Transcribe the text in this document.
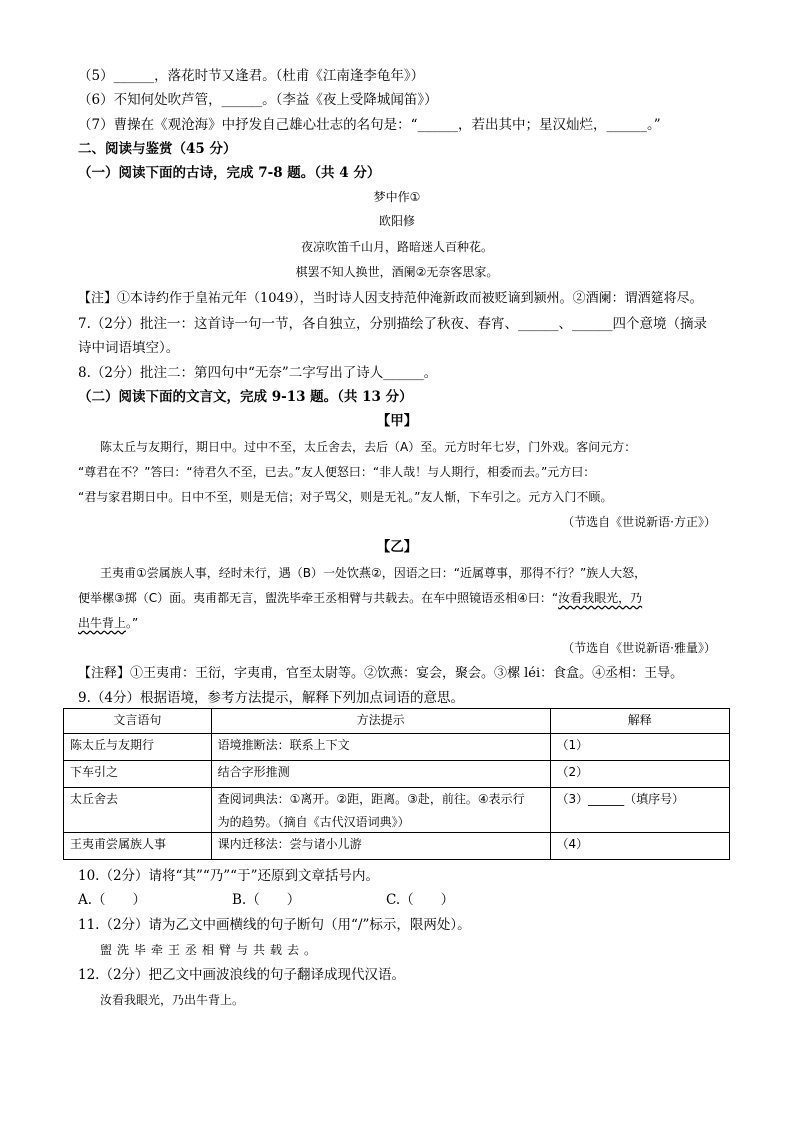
（5）______，落花时节又逢君。（杜甫《江南逢李龟年》）
（6）不知何处吹芦管，______。（李益《夜上受降城闻笛》）
（7）曹操在《观沧海》中抒发自己雄心壮志的名句是：“______，若出其中；星汉灿烂，______。”
二、阅读与鉴赏（45 分）
（一）阅读下面的古诗，完成 7-8 题。（共 4 分）
梦中作①
欧阳修
夜凉吹笛千山月，路暗迷人百种花。
棋罢不知人换世，酒阑②无奈客思家。
【注】①本诗约作于皇祐元年（1049），当时诗人因支持范仲淹新政而被贬谪到颍州。②酒阑：谓酒筵将尽。
7.（2分）批注一：这首诗一句一节，各自独立，分别描绘了秋夜、春宵、______、______四个意境（摘录
诗中词语填空）。
8.（2分）批注二：第四句中“无奈”二字写出了诗人______。
（二）阅读下面的文言文，完成 9-13 题。（共 13 分）
【甲】
陈太丘与友期行，期日中。过中不至，太丘舍去，去后（A）至。元方时年七岁，门外戏。客问元方：
“尊君在不？”答曰：“待君久不至，已去。”友人便怒曰：“非人哉！与人期行，相委而去。”元方曰：
“君与家君期日中。日中不至，则是无信；对子骂父，则是无礼。”友人惭，下车引之。元方入门不顾。
（节选自《世说新语·方正》）
【乙】
王夷甫①尝属族人事，经时未行，遇（B）一处饮燕②，因语之曰：“近属尊事，那得不行？”族人大怒，
便举樏③掷（C）面。夷甫都无言，盥洗毕牵王丞相臂与共载去。在车中照镜语丞相④曰：“汝看我眼光，乃
出牛背上。”
（节选自《世说新语·雅量》）
【注释】①王夷甫：王衍，字夷甫，官至太尉等。②饮燕：宴会，聚会。③樏 léi：食盒。④丞相：王导。
9.（4分）根据语境，参考方法提示，解释下列加点词语的意思。
文言语句	方法提示	解释
陈太丘与友期行	语境推断法：联系上下文	（1）
下车引之	结合字形推测	（2）
太丘舍去	查阅词典法：①离开。②距，距离。③赴，前往。④表示行
为的趋势。（摘自《古代汉语词典》）	（3）______（填序号）
王夷甫尝属族人事	课内迁移法：尝与诸小儿游	（4）
10.（2分）请将“其”“乃”“于”还原到文章括号内。
A.（　　）	B.（　　）	C.（　　）
11.（2分）请为乙文中画横线的句子断句（用“/”标示，限两处）。
盥洗毕牵王丞相臂与共载去。
12.（2分）把乙文中画波浪线的句子翻译成现代汉语。
汝看我眼光，乃出牛背上。
